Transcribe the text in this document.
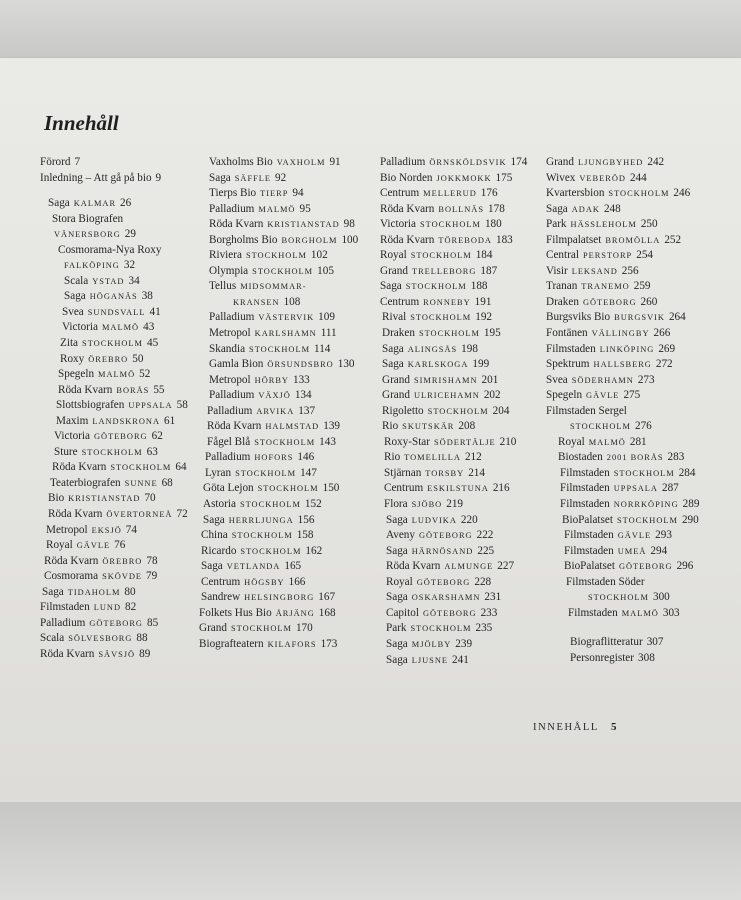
Innehåll
Förord 7
Inledning – Att gå på bio 9
Saga KALMAR 26
Stora Biografen
VÄNERSBORG 29
Cosmorama-Nya Roxy
FALKÖPING 32
Scala YSTAD 34
Saga HÖGANÄS 38
Svea SUNDSVALL 41
Victoria MALMÖ 43
Zita STOCKHOLM 45
Roxy ÖREBRO 50
Spegeln MALMÖ 52
Röda Kvarn BORÅS 55
Slottsbiografen UPPSALA 58
Maxim LANDSKRONA 61
Victoria GÖTEBORG 62
Sture STOCKHOLM 63
Röda Kvarn STOCKHOLM 64
Teaterbiografen SUNNE 68
Bio KRISTIANSTAD 70
Röda Kvarn ÖVERTORNEÅ 72
Metropol EKSJÖ 74
Royal GÄVLE 76
Röda Kvarn ÖREBRO 78
Cosmorama SKÖVDE 79
Saga TIDAHOLM 80
Filmstaden LUND 82
Palladium GÖTEBORG 85
Scala SÖLVESBORG 88
Röda Kvarn SÄVSJÖ 89
Vaxholms Bio VAXHOLM 91
Saga SÄFFLE 92
Tierps Bio TIERP 94
Palladium MALMÖ 95
Röda Kvarn KRISTIANSTAD 98
Borgholms Bio BORGHOLM 100
Riviera STOCKHOLM 102
Olympia STOCKHOLM 105
Tellus MIDSOMMAR-
KRANSEN 108
Palladium VÄSTERVIK 109
Metropol KARLSHAMN 111
Skandia STOCKHOLM 114
Gamla Bion ÖRSUNDSBRO 130
Metropol HÖRBY 133
Palladium VÄXJÖ 134
Palladium ARVIKA 137
Röda Kvarn HALMSTAD 139
Fågel Blå STOCKHOLM 143
Palladium HOFORS 146
Lyran STOCKHOLM 147
Göta Lejon STOCKHOLM 150
Astoria STOCKHOLM 152
Saga HERRLJUNGA 156
China STOCKHOLM 158
Ricardo STOCKHOLM 162
Saga VETLANDA 165
Centrum HÖGSBY 166
Sandrew HELSINGBORG 167
Folkets Hus Bio ÅRJÄNG 168
Grand STOCKHOLM 170
Biografteatern KILAFORS 173
Palladium ÖRNSKÖLDSVIK 174
Bio Norden JOKKMOKK 175
Centrum MELLERUD 176
Röda Kvarn BOLLNÄS 178
Victoria STOCKHOLM 180
Röda Kvarn TÖREBODA 183
Royal STOCKHOLM 184
Grand TRELLEBORG 187
Saga STOCKHOLM 188
Centrum RONNEBY 191
Rival STOCKHOLM 192
Draken STOCKHOLM 195
Saga ALINGSÅS 198
Saga KARLSKOGA 199
Grand SIMRISHAMN 201
Grand ULRICEHAMN 202
Rigoletto STOCKHOLM 204
Rio SKUTSKÄR 208
Roxy-Star SÖDERTÄLJE 210
Rio TOMELILLA 212
Stjärnan TORSBY 214
Centrum ESKILSTUNA 216
Flora SJÖBO 219
Saga LUDVIKA 220
Aveny GÖTEBORG 222
Saga HÄRNÖSAND 225
Röda Kvarn ALMUNGE 227
Royal GÖTEBORG 228
Saga OSKARSHAMN 231
Capitol GÖTEBORG 233
Park STOCKHOLM 235
Saga MJÖLBY 239
Saga LJUSNE 241
Grand LJUNGBYHED 242
Wivex VEBERÖD 244
Kvartersbion STOCKHOLM 246
Saga ADAK 248
Park HÄSSLEHOLM 250
Filmpalatset BROMÖLLA 252
Central PERSTORP 254
Visir LEKSAND 256
Tranan TRANEMO 259
Draken GÖTEBORG 260
Burgsviks Bio BURGSVIK 264
Fontänen VÄLLINGBY 266
Filmstaden LINKÖPING 269
Spektrum HALLSBERG 272
Svea SÖDERHAMN 273
Spegeln GÄVLE 275
Filmstaden Sergel
STOCKHOLM 276
Royal MALMÖ 281
Biostaden 2001 BORÅS 283
Filmstaden STOCKHOLM 284
Filmstaden UPPSALA 287
Filmstaden NORRKÖPING 289
BioPalatset STOCKHOLM 290
Filmstaden GÄVLE 293
Filmstaden UMEÅ 294
BioPalatset GÖTEBORG 296
Filmstaden Söder
STOCKHOLM 300
Filmstaden MALMÖ 303
Biograflitteratur 307
Personregister 308
INNEHÅLL 5
